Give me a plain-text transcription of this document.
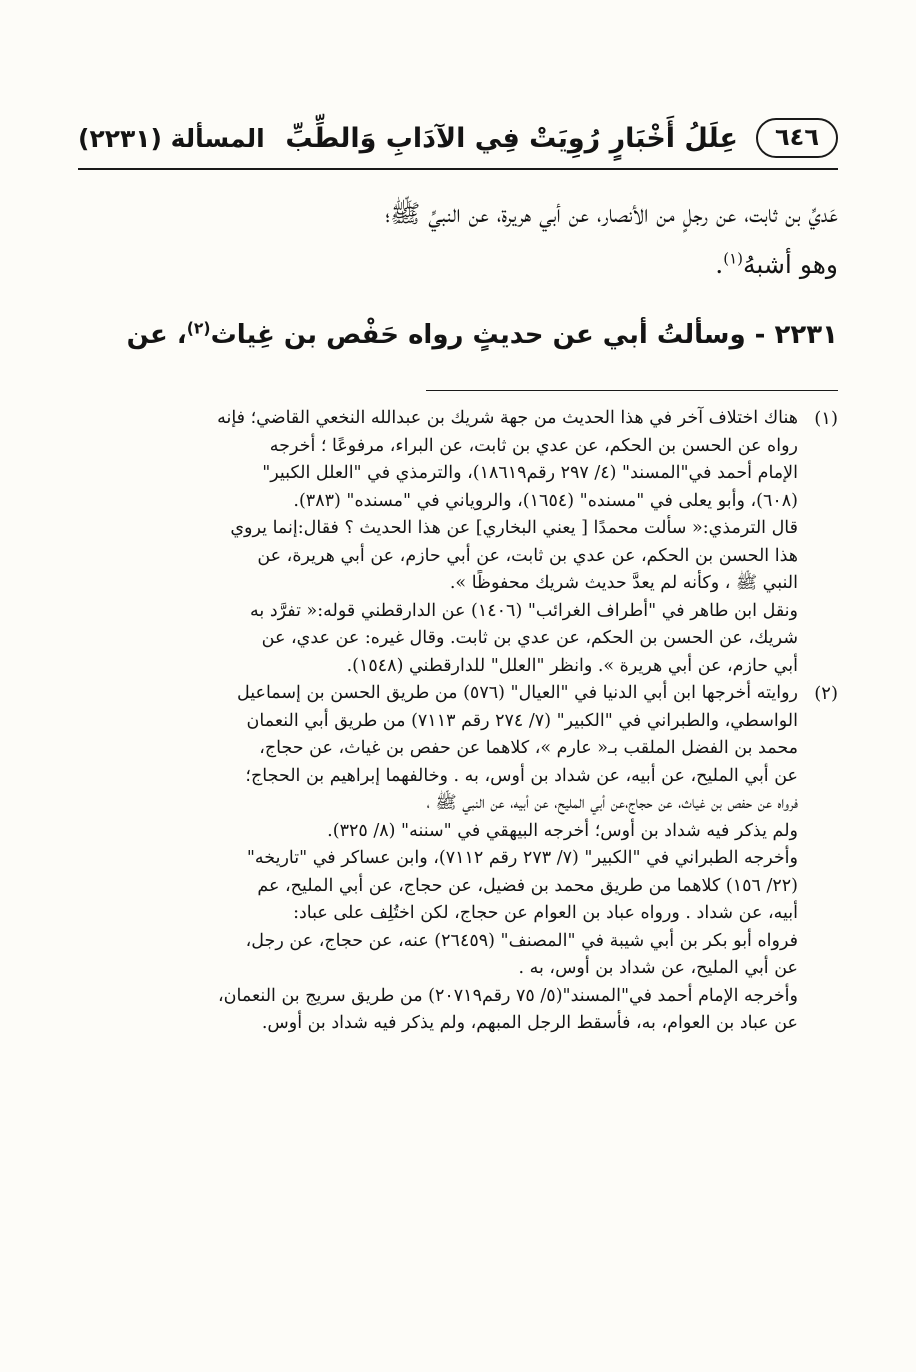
٦٤٦
عِلَلُ أَخْبَارٍ رُوِيَتْ فِي الآدَابِ وَالطِّبِّ
المسألة (٢٢٣١)
عَديِّ بن ثابت، عن رجلٍ من الأنصار، عن أبي هريرة، عن النبيِّ ﷺ؛
وهو أشبهُ$^{(١)}$.
٢٢٣١ - وسألتُ أبي عن حديثٍ رواه حَفْص بن غِياث$^{(٢)}$، عن
(١)

هناك اختلاف آخر في هذا الحديث من جهة شريك بن عبدالله النخعي القاضي؛ فإنه
رواه عن الحسن بن الحكم، عن عدي بن ثابت، عن البراء، مرفوعًا ؛ أخرجه
الإمام أحمد في"المسند" (٤/ ٢٩٧ رقم١٨٦١٩)، والترمذي في "العلل الكبير"
(٦٠٨)، وأبو يعلى في "مسنده" (١٦٥٤)، والروياني في "مسنده" (٣٨٣).

قال الترمذي:« سألت محمدًا [ يعني البخاري] عن هذا الحديث ؟ فقال:إنما يروي
هذا الحسن بن الحكم، عن عدي بن ثابت، عن أبي حازم، عن أبي هريرة، عن
النبي ﷺ ، وكأنه لم يعدَّ حديث شريك محفوظًا ».

ونقل ابن طاهر في "أطراف الغرائب" (١٤٠٦) عن الدارقطني قوله:« تفرَّد به
شريك، عن الحسن بن الحكم، عن عدي بن ثابت. وقال غيره: عن عدي، عن
أبي حازم، عن أبي هريرة ». وانظر "العلل" للدارقطني (١٥٤٨).

(٢)

روايته أخرجها ابن أبي الدنيا في "العيال" (٥٧٦) من طريق الحسن بن إسماعيل
الواسطي، والطبراني في "الكبير" (٧/ ٢٧٤ رقم ٧١١٣) من طريق أبي النعمان
محمد بن الفضل الملقب بـ« عارم »، كلاهما عن حفص بن غياث، عن حجاج،
عن أبي المليح، عن أبيه، عن شداد بن أوس، به . وخالفهما إبراهيم بن الحجاج؛
فرواه عن حفص بن غياث، عن حجاج،عن أبي المليح، عن أبيه، عن النبي ﷺ ،
ولم يذكر فيه شداد بن أوس؛ أخرجه البيهقي في "سننه" (٨/ ٣٢٥).

وأخرجه الطبراني في "الكبير" (٧/ ٢٧٣ رقم ٧١١٢)، وابن عساكر في "تاريخه"
(٢٢/ ١٥٦) كلاهما من طريق محمد بن فضيل، عن حجاج، عن أبي المليح، عم
أبيه، عن شداد . ورواه عباد بن العوام عن حجاج، لكن اختُلِف على عباد:

فرواه أبو بكر بن أبي شيبة في "المصنف" (٢٦٤٥٩) عنه، عن حجاج، عن رجل،
عن أبي المليح، عن شداد بن أوس، به .

وأخرجه الإمام أحمد في"المسند"(٥/ ٧٥ رقم٢٠٧١٩) من طريق سريج بن النعمان،
عن عباد بن العوام، به، فأسقط الرجل المبهم، ولم يذكر فيه شداد بن أوس.
